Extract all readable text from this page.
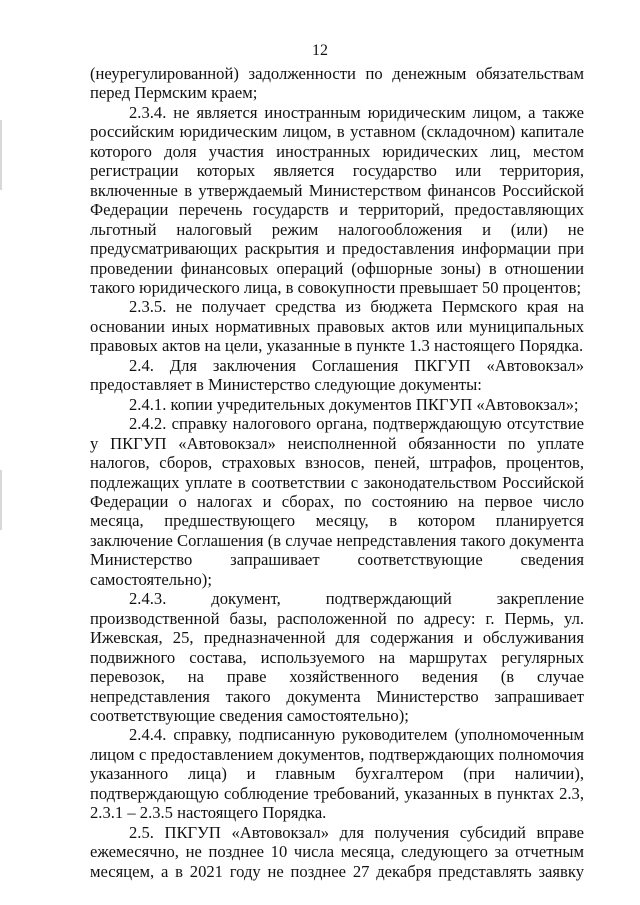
12

(неурегулированной) задолженности по денежным обязательствам перед Пермским краем;

2.3.4. не является иностранным юридическим лицом, а также российским юридическим лицом, в уставном (складочном) капитале которого доля участия иностранных юридических лиц, местом регистрации которых является государство или территория, включенные в утверждаемый Министерством финансов Российской Федерации перечень государств и территорий, предоставляющих льготный налоговый режим налогообложения и (или) не предусматривающих раскрытия и предоставления информации при проведении финансовых операций (офшорные зоны) в отношении такого юридического лица, в совокупности превышает 50 процентов;

2.3.5. не получает средства из бюджета Пермского края на основании иных нормативных правовых актов или муниципальных правовых актов на цели, указанные в пункте 1.3 настоящего Порядка.

2.4. Для заключения Соглашения ПКГУП «Автовокзал» предоставляет в Министерство следующие документы:

2.4.1. копии учредительных документов ПКГУП «Автовокзал»;

2.4.2. справку налогового органа, подтверждающую отсутствие у ПКГУП «Автовокзал» неисполненной обязанности по уплате налогов, сборов, страховых взносов, пеней, штрафов, процентов, подлежащих уплате в соответствии с законодательством Российской Федерации о налогах и сборах, по состоянию на первое число месяца, предшествующего месяцу, в котором планируется заключение Соглашения (в случае непредставления такого документа Министерство запрашивает соответствующие сведения самостоятельно);

2.4.3. документ, подтверждающий закрепление производственной базы, расположенной по адресу: г. Пермь, ул. Ижевская, 25, предназначенной для содержания и обслуживания подвижного состава, используемого на маршрутах регулярных перевозок, на праве хозяйственного ведения (в случае непредставления такого документа Министерство запрашивает соответствующие сведения самостоятельно);

2.4.4. справку, подписанную руководителем (уполномоченным лицом с предоставлением документов, подтверждающих полномочия указанного лица) и главным бухгалтером (при наличии), подтверждающую соблюдение требований, указанных в пунктах 2.3, 2.3.1 – 2.3.5 настоящего Порядка.

2.5. ПКГУП «Автовокзал» для получения субсидий вправе ежемесячно, не позднее 10 числа месяца, следующего за отчетным месяцем, а в 2021 году не позднее 27 декабря представлять заявку
